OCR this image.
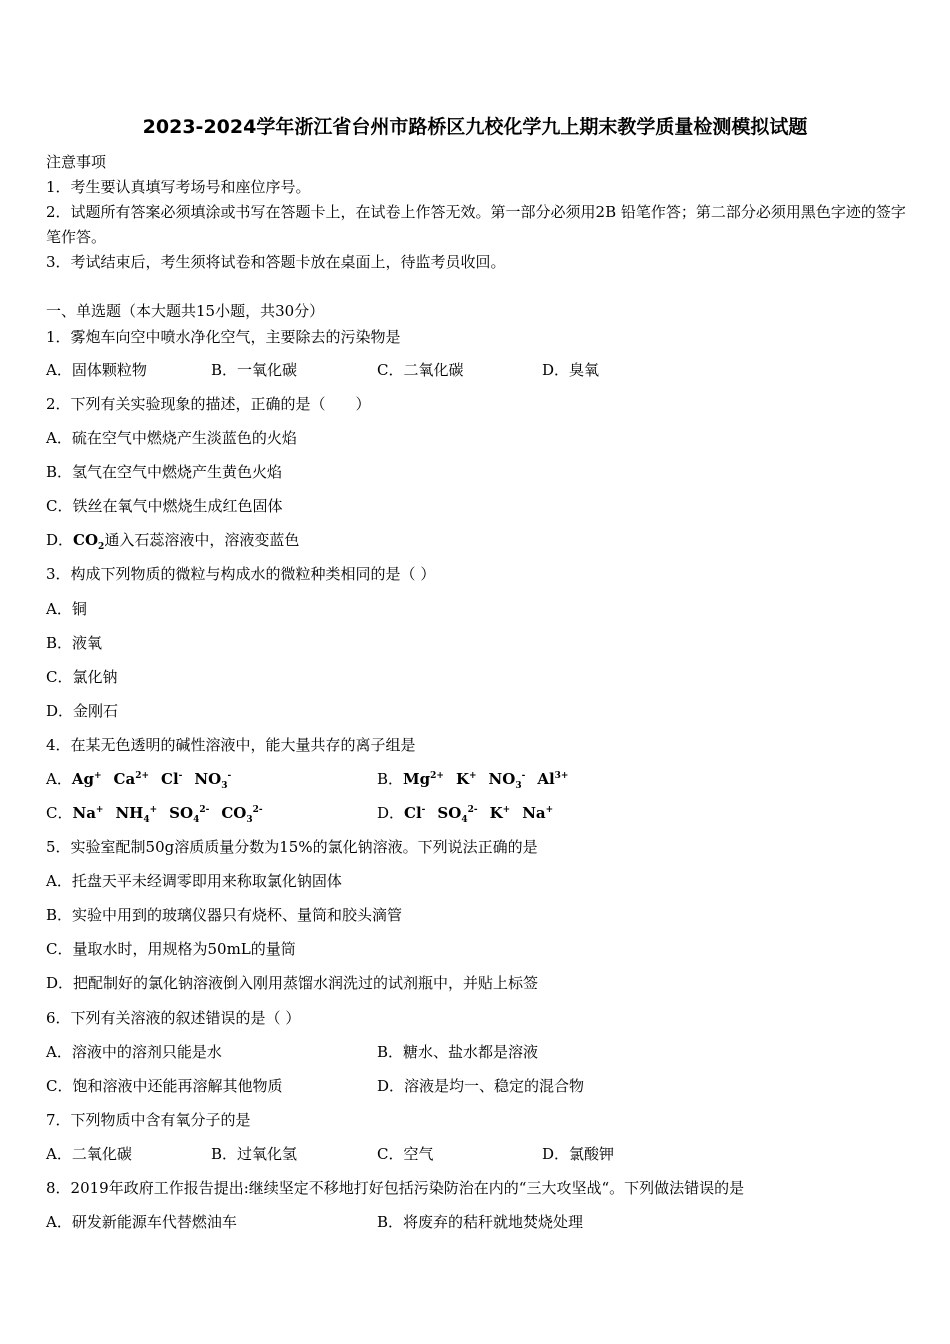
2023-2024学年浙江省台州市路桥区九校化学九上期末教学质量检测模拟试题
注意事项
1．考生要认真填写考场号和座位序号。
2．试题所有答案必须填涂或书写在答题卡上，在试卷上作答无效。第一部分必须用2B 铅笔作答；第二部分必须用黑色字迹的签字笔作答。
3．考试结束后，考生须将试卷和答题卡放在桌面上，待监考员收回。
一、单选题（本大题共15小题，共30分）
1．雾炮车向空中喷水净化空气，主要除去的污染物是
A．固体颗粒物	B．一氧化碳	C．二氧化碳	D．臭氧
2．下列有关实验现象的描述，正确的是（　　）
A．硫在空气中燃烧产生淡蓝色的火焰
B．氢气在空气中燃烧产生黄色火焰
C．铁丝在氧气中燃烧生成红色固体
D．$CO_2$通入石蕊溶液中，溶液变蓝色
3．构成下列物质的微粒与构成水的微粒种类相同的是（ ）
A．铜
B．液氧
C．氯化钠
D．金刚石
4．在某无色透明的碱性溶液中，能大量共存的离子组是
A．Ag+ $Ca^{2+}$ Cl- $NO_3^-$	B．$Mg^{2+}$ K+ $NO_3^-$ $Al^{3+}$
C．Na+ $NH_4^+$ $SO_4^{2-}$ $CO_3^{2-}$	D．Cl- $SO_4^{2-}$ K+ Na+
5．实验室配制50g溶质质量分数为15%的氯化钠溶液。下列说法正确的是
A．托盘天平未经调零即用来称取氯化钠固体
B．实验中用到的玻璃仪器只有烧杯、量筒和胶头滴管
C．量取水时，用规格为50mL的量筒
D．把配制好的氯化钠溶液倒入刚用蒸馏水润洗过的试剂瓶中，并贴上标签
6．下列有关溶液的叙述错误的是（ ）
A．溶液中的溶剂只能是水	B．糖水、盐水都是溶液
C．饱和溶液中还能再溶解其他物质	D．溶液是均一、稳定的混合物
7．下列物质中含有氧分子的是
A．二氧化碳	B．过氧化氢	C．空气	D．氯酸钾
8．2019年政府工作报告提出:继续坚定不移地打好包括污染防治在内的“三大攻坚战“。下列做法错误的是
A．研发新能源车代替燃油车	B．将废弃的秸秆就地焚烧处理
